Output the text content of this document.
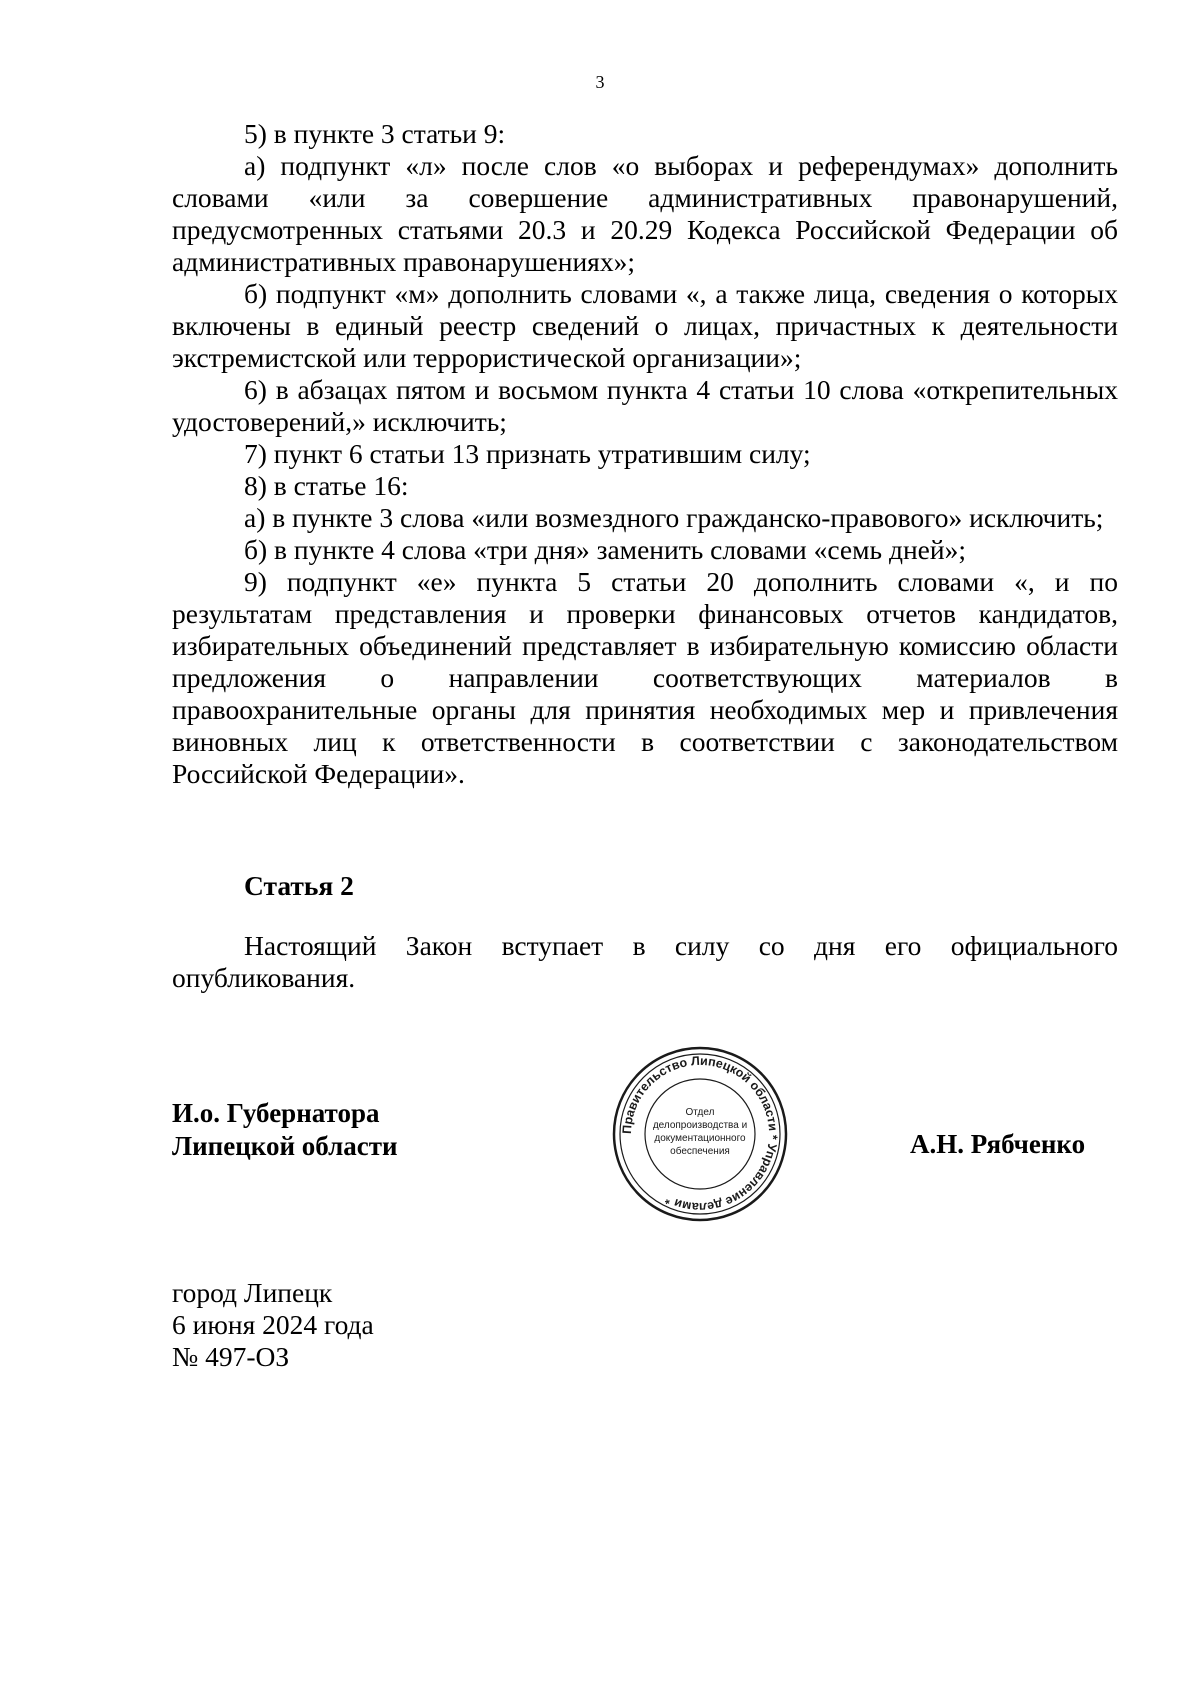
3

5) в пункте 3 статьи 9:

а) подпункт «л» после слов «о выборах и референдумах» дополнить словами «или за совершение административных правонарушений, предусмотренных статьями 20.3 и 20.29 Кодекса Российской Федерации об административных правонарушениях»;

б) подпункт «м» дополнить словами «, а также лица, сведения о которых включены в единый реестр сведений о лицах, причастных к деятельности экстремистской или террористической организации»;

6) в абзацах пятом и восьмом пункта 4 статьи 10 слова «открепительных удостоверений,» исключить;

7) пункт 6 статьи 13 признать утратившим силу;

8) в статье 16:

а) в пункте 3 слова «или возмездного гражданско-правового» исключить;

б) в пункте 4 слова «три дня» заменить словами «семь дней»;

9) подпункт «е» пункта 5 статьи 20 дополнить словами «, и по результатам представления и проверки финансовых отчетов кандидатов, избирательных объединений представляет в избирательную комиссию области предложения о направлении соответствующих материалов в правоохранительные органы для принятия необходимых мер и привлечения виновных лиц к ответственности в соответствии с законодательством Российской Федерации».

Статья 2

Настоящий Закон вступает в силу со дня его официального опубликования.

И.о. Губернатора
Липецкой области
Правительство Липецкой области * Управление делами *
Отдел
делопроизводства и
документационного
обеспечения	А.Н. Рябченко
город Липецк
6 июня 2024 года
№ 497-ОЗ
